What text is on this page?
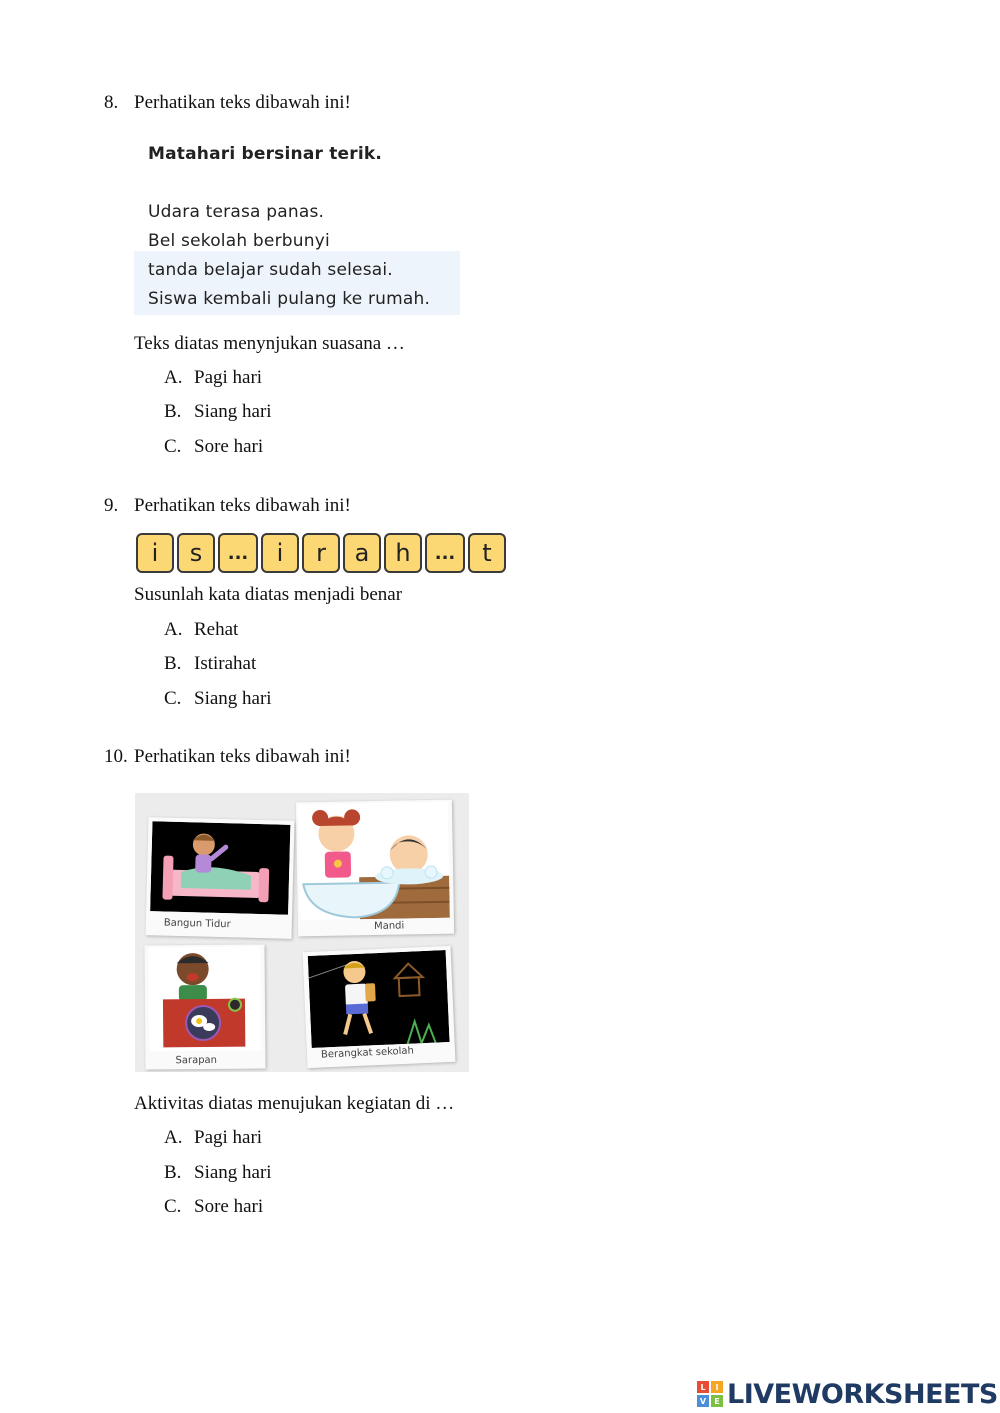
8. Perhatikan teks dibawah ini!
Matahari bersinar terik.
Udara terasa panas.
Bel sekolah berbunyi
tanda belajar sudah selesai.
Siswa kembali pulang ke rumah.
Teks diatas menynjukan suasana …
A. Pagi hari
B. Siang hari
C. Sore hari
9. Perhatikan teks dibawah ini!
i	s	...	i	r	a	h	...	t
Susunlah kata diatas menjadi benar
A. Rehat
B. Istirahat
C. Siang hari
10. Perhatikan teks dibawah ini!
Bangun Tidur	Mandi
Sarapan
Berangkat sekolah
Aktivitas diatas menujukan kegiatan di …
A. Pagi hari
B. Siang hari
C. Sore hari
L	I
V	E LIVEWORKSHEETS
